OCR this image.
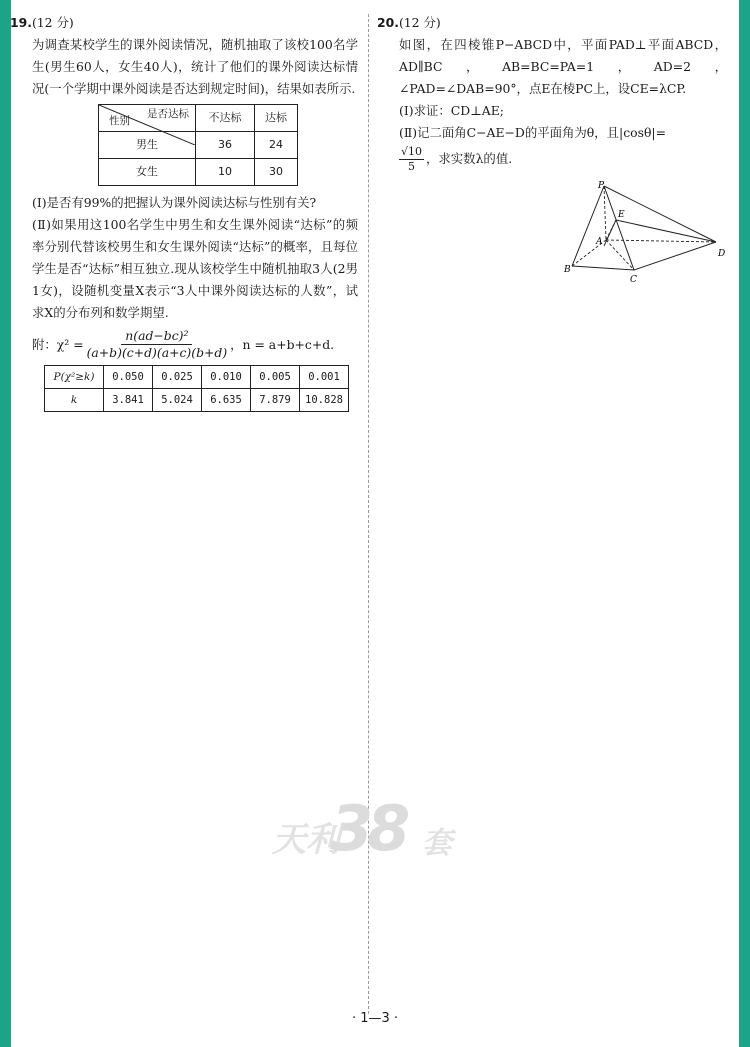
19.(12 分)

为调查某校学生的课外阅读情况，随机抽取了该校100名学生(男生60人，女生40人)，统计了他们的课外阅读达标情况(一个学期中课外阅读是否达到规定时间)，结果如表所示.

是否达标
性别	不达标	达标
男生	36	24
女生	10	30

(Ⅰ)是否有99%的把握认为课外阅读达标与性别有关?

(Ⅱ)如果用这100名学生中男生和女生课外阅读“达标”的频率分别代替该校男生和女生课外阅读“达标”的概率，且每位学生是否“达标”相互独立.现从该校学生中随机抽取3人(2男1女)，设随机变量X表示“3人中课外阅读达标的人数”，试求X的分布列和数学期望.

附：$\chi^2 = \frac{\text{n(ad−bc)²}}{(a+b)(c+d)(a+c)(b+d)}$ ，n = a+b+c+d.
P(χ²≥k)	0.050	0.025	0.010	0.005	0.001
k	3.841	5.024	6.635	7.879	10.828

20.(12 分)

如图，在四棱锥P−ABCD中，平面PAD⊥平面ABCD，AD∥BC，AB=BC=PA=1，AD=2，∠PAD=∠DAB=90°，点E在棱PC上，设CE=λCP.

(Ⅰ)求证：CD⊥AE;

(Ⅱ)记二面角C−AE−D的平面角为θ，且|cosθ|=

$\frac{√10}{5}$ ，求实数λ的值.

P
E
A
B
C
D
天利
38 套
· 1—3 ·
